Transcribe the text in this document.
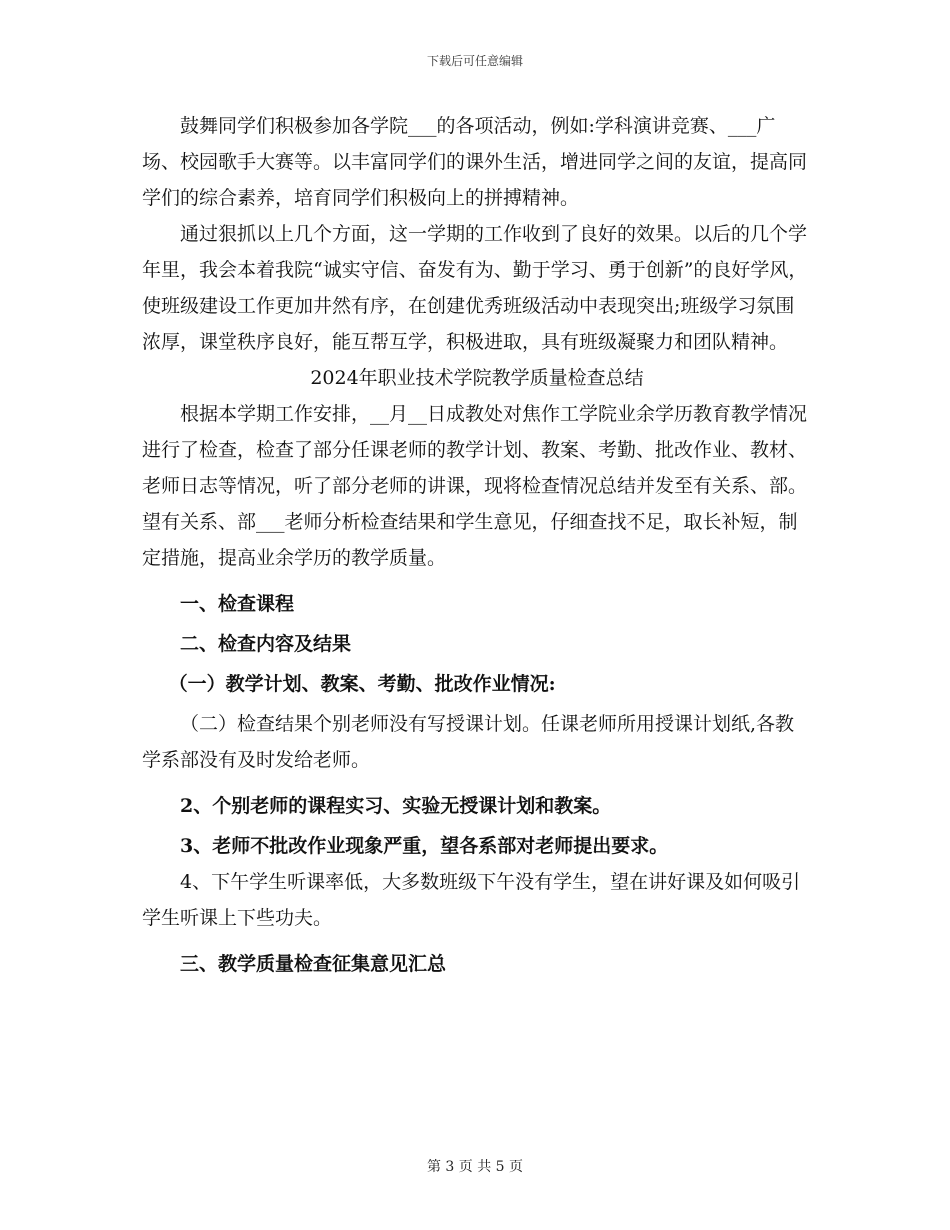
下载后可任意编辑

鼓舞同学们积极参加各学院___的各项活动，例如:学科演讲竞赛、___广场、校园歌手大赛等。以丰富同学们的课外生活，增进同学之间的友谊，提高同学们的综合素养，培育同学们积极向上的拼搏精神。

通过狠抓以上几个方面，这一学期的工作收到了良好的效果。以后的几个学年里，我会本着我院“诚实守信、奋发有为、勤于学习、勇于创新”的良好学风，使班级建设工作更加井然有序，在创建优秀班级活动中表现突出;班级学习氛围浓厚，课堂秩序良好，能互帮互学，积极进取，具有班级凝聚力和团队精神。

2024年职业技术学院教学质量检查总结

根据本学期工作安排，__月__日成教处对焦作工学院业余学历教育教学情况进行了检查，检查了部分任课老师的教学计划、教案、考勤、批改作业、教材、老师日志等情况，听了部分老师的讲课，现将检查情况总结并发至有关系、部。望有关系、部___老师分析检查结果和学生意见，仔细查找不足，取长补短，制定措施，提高业余学历的教学质量。

一、检查课程

二、检查内容及结果

（一）教学计划、教案、考勤、批改作业情况:

（二）检查结果个别老师没有写授课计划。任课老师所用授课计划纸,各教学系部没有及时发给老师。

2、个别老师的课程实习、实验无授课计划和教案。

3、老师不批改作业现象严重，望各系部对老师提出要求。

4、下午学生听课率低，大多数班级下午没有学生，望在讲好课及如何吸引学生听课上下些功夫。

三、教学质量检查征集意见汇总

第 3 页 共 5 页
